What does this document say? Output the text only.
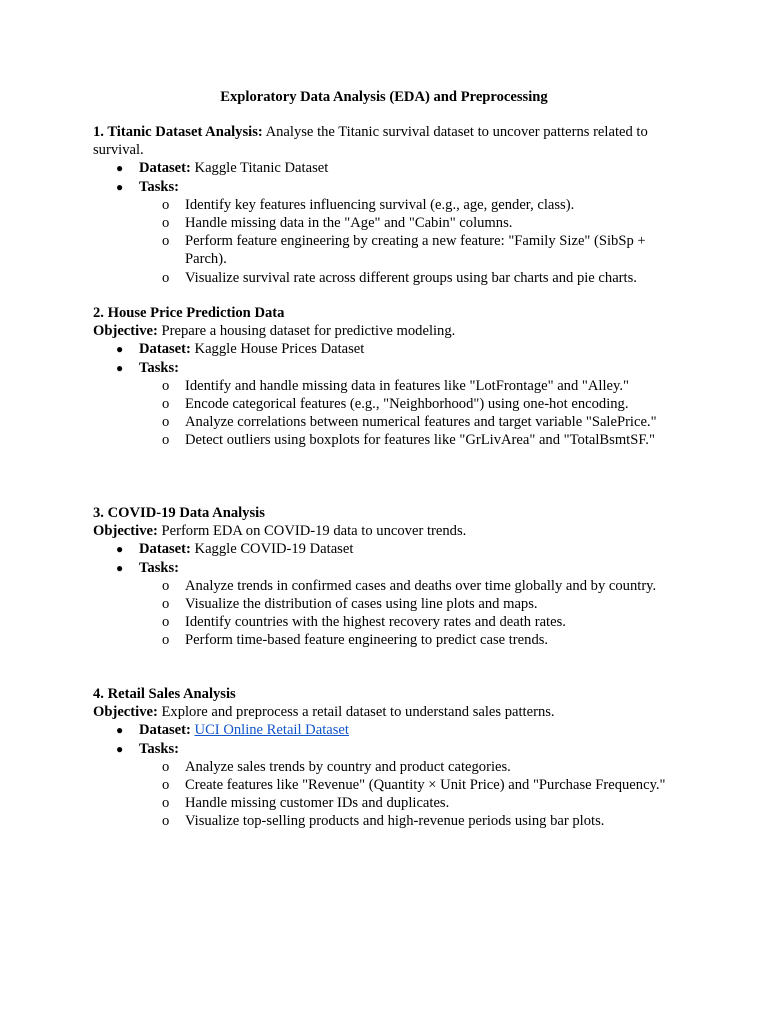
Exploratory Data Analysis (EDA) and Preprocessing
1. Titanic Dataset Analysis: Analyse the Titanic survival dataset to uncover patterns related to survival.
● Dataset: Kaggle Titanic Dataset
● Tasks:
o Identify key features influencing survival (e.g., age, gender, class).
o Handle missing data in the "Age" and "Cabin" columns.
o Perform feature engineering by creating a new feature: "Family Size" (SibSp + Parch).
o Visualize survival rate across different groups using bar charts and pie charts.
2. House Price Prediction Data
Objective: Prepare a housing dataset for predictive modeling.
● Dataset: Kaggle House Prices Dataset
● Tasks:
o Identify and handle missing data in features like "LotFrontage" and "Alley."
o Encode categorical features (e.g., "Neighborhood") using one-hot encoding.
o Analyze correlations between numerical features and target variable "SalePrice."
o Detect outliers using boxplots for features like "GrLivArea" and "TotalBsmtSF."
3. COVID-19 Data Analysis
Objective: Perform EDA on COVID-19 data to uncover trends.
● Dataset: Kaggle COVID-19 Dataset
● Tasks:
o Analyze trends in confirmed cases and deaths over time globally and by country.
o Visualize the distribution of cases using line plots and maps.
o Identify countries with the highest recovery rates and death rates.
o Perform time-based feature engineering to predict case trends.
4. Retail Sales Analysis
Objective: Explore and preprocess a retail dataset to understand sales patterns.
● Dataset: UCI Online Retail Dataset
● Tasks:
o Analyze sales trends by country and product categories.
o Create features like "Revenue" (Quantity × Unit Price) and "Purchase Frequency."
o Handle missing customer IDs and duplicates.
o Visualize top-selling products and high-revenue periods using bar plots.
